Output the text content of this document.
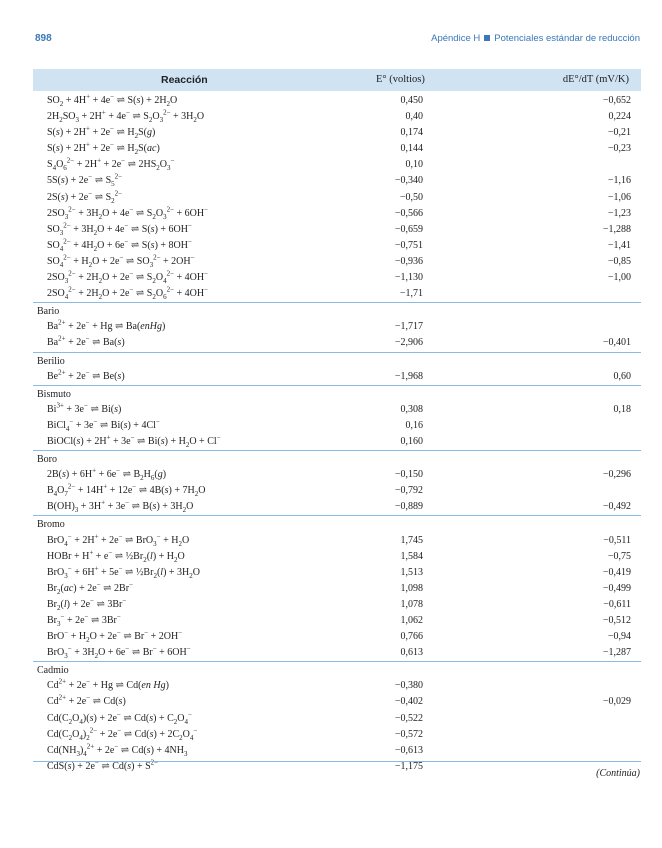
898	Apéndice H Potenciales estándar de reducción
Reacción	E° (voltios)	dE°/dT (mV/K)
$SO_2 + 4H^+ + 4e^-$ ⇌ $S(s) + 2H_2O$	0,450	−0,652
$2H_2SO_3 + 2H^+ + 4e^-$ ⇌ $S_2O_3^{2-} + 3H_2O$	0,40	0,224
S(s) + 2H+ + 2e− ⇌ $H_2S(g)$	0,174	−0,21
S(s) + 2H+ + 2e− ⇌ $H_2S(ac)$	0,144	−0,23
$S_4O_6^{2-} + 2H^+ + 2e^-$ ⇌ $2HS_2O_3^-$	0,10
5S(s) + 2e− ⇌ $S_5^{2-}$	−0,340	−1,16
2S(s) + 2e− ⇌ $S_2^{2-}$	−0,50	−1,06
$2SO_3^{2-} + 3H_2O + 4e^-$ ⇌ $S_2O_3^{2-} + 6OH^-$	−0,566	−1,23
$SO_3^{2-} + 3H_2O + 4e^-$ ⇌ S(s) + 6OH−	−0,659	−1,288
$SO_4^{2-} + 4H_2O + 6e^-$ ⇌ S(s) + 8OH−	−0,751	−1,41
$SO_4^{2-} + H_2O + 2e^-$ ⇌ $SO_3^{2-} + 2OH^-$	−0,936	−0,85
$2SO_3^{2-} + 2H_2O + 2e^-$ ⇌ $S_2O_4^{2-} + 4OH^-$	−1,130	−1,00
$2SO_4^{2-} + 2H_2O + 2e^-$ ⇌ $S_2O_6^{2-} + 4OH^-$	−1,71
Bario
$Ba^{2+} + 2e^- + Hg$ ⇌ Ba(enHg)	−1,717
$Ba^{2+} + 2e^-$ ⇌ Ba(s)	−2,906	−0,401
Berilio
$Be^{2+} + 2e^-$ ⇌ Be(s)	−1,968	0,60
Bismuto
$Bi^{3+} + 3e^-$ ⇌ Bi(s)	0,308	0,18
BiCl$_4$− + 3e− ⇌ Bi(s) + 4Cl−	0,16
BiOCl(s) + 2H+ + 3e− ⇌ $Bi(s) + H_2O + Cl^-$	0,160
Boro
2B(s) + 6H+ + 6e− ⇌ $B_2H_6(g)$	−0,150	−0,296
$B_4O_7^{2-} + 14H^+ + 12e^-$ ⇌ $4B(s) + 7H_2O$	−0,792
$B(OH)_3 + 3H^+ + 3e^-$ ⇌ $B(s) + 3H_2O$	−0,889	−0,492
Bromo
BrO$_4$− + 2H+ + 2e− ⇌ $BrO_3^- + H_2O$	1,745	−0,511
HOBr + H+ + e− ⇌ $\frac{1}{2}Br_2(l) + H_2O$	1,584	−0,75
BrO$_3$− + 6H+ + 5e− ⇌ $\frac{1}{2}Br_2(l) + 3H_2O$	1,513	−0,419
$Br_2(ac) + 2e^-$ ⇌ 2Br−	1,098	−0,499
$Br_2(l) + 2e^-$ ⇌ 3Br−	1,078	−0,611
$Br_3^- + 2e^-$ ⇌ 3Br−	1,062	−0,512
$BrO^- + H_2O + 2e^-$ ⇌ Br− + 2OH−	0,766	−0,94
$BrO_3^- + 3H_2O + 6e^-$ ⇌ Br− + 6OH−	0,613	−1,287
Cadmio
$Cd^{2+} + 2e^- + Hg$ ⇌ Cd(en Hg)	−0,380
$Cd^{2+} + 2e^-$ ⇌ Cd(s)	−0,402	−0,029
$Cd(C_2O_4)(s) + 2e^-$ ⇌ $Cd(s) + C_2O_4^-$	−0,522
$Cd(C_2O_4)_2^{2-} + 2e^-$ ⇌ $Cd(s) + 2C_2O_4^-$	−0,572
$Cd(NH_3)_4^{2+} + 2e^-$ ⇌ $Cd(s) + 4NH_3$	−0,613
CdS(s) + 2e− ⇌ $Cd(s) + S^{2-}$	−1,175
(Continúa)
